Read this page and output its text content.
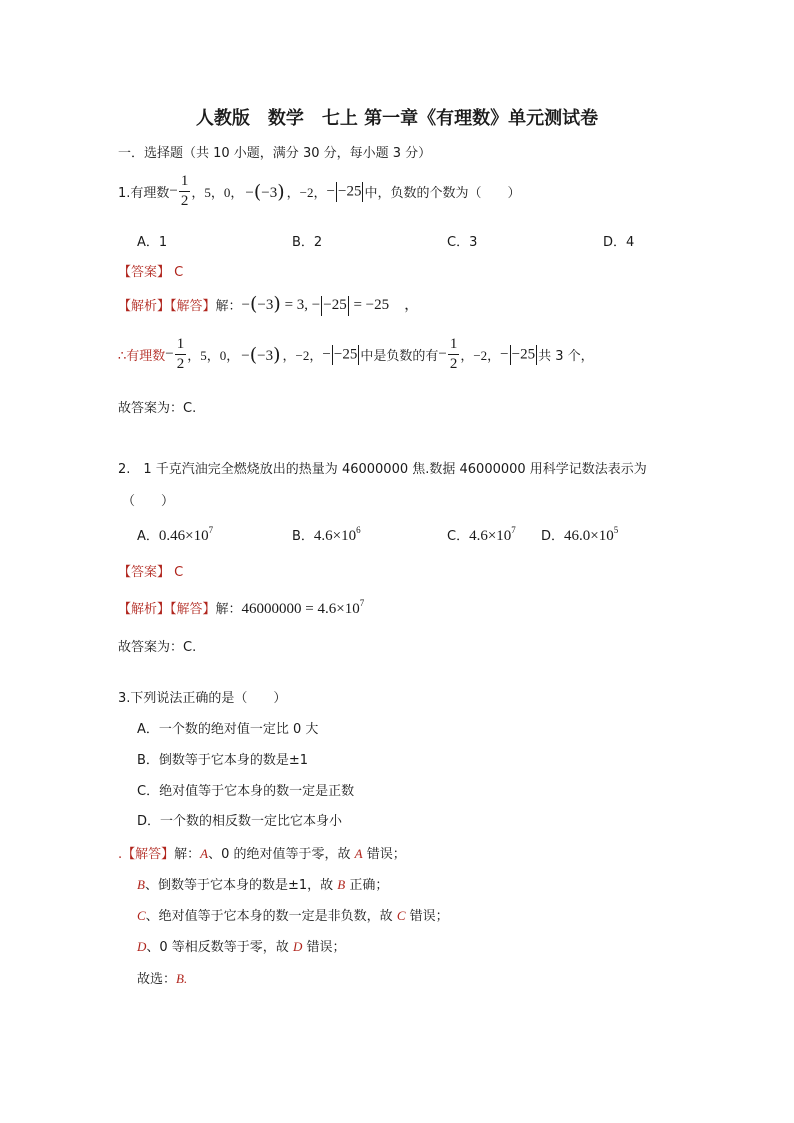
人教版　数学　七上 第一章《有理数》单元测试卷
一．选择题（共 10 小题，满分 30 分，每小题 3 分）
1.有理数 − $\frac{1}{2}$ ，5，0， −(−3) ，−2， − −25 中，负数的个数为（　　）
A．1	B．2	C．3	D．4
【答案】 C
【解析】【解答】 解： −(−3) = 3, − −25 = −25　，
∴有理数 − $\frac{1}{2}$ ，5，0， −(−3) ，−2， − −25 中是负数的有 − $\frac{1}{2}$ ，−2， − −25 共 3 个，
故答案为：C.
2.　1 千克汽油完全燃烧放出的热量为 46000000 焦.数据 46000000 用科学记数法表示为
（　　）
A．$0.46\times 10^7$	B．$4.6\times 10^6$	C．$4.6\times 10^7$ D．$46.0\times 10^5$
【答案】 C
【解析】【解答】解：$46000000 = 4.6\times 10^7$
故答案为：C.
3.下列说法正确的是（　　）
A．一个数的绝对值一定比 0 大
B．倒数等于它本身的数是±1
C．绝对值等于它本身的数一定是正数
D．一个数的相反数一定比它本身小
.【解答】解：A、0 的绝对值等于零，故 A 错误；
B、倒数等于它本身的数是±1，故 B 正确；
C、绝对值等于它本身的数一定是非负数，故 C 错误；
D、0 等相反数等于零，故 D 错误；
故选：B.
